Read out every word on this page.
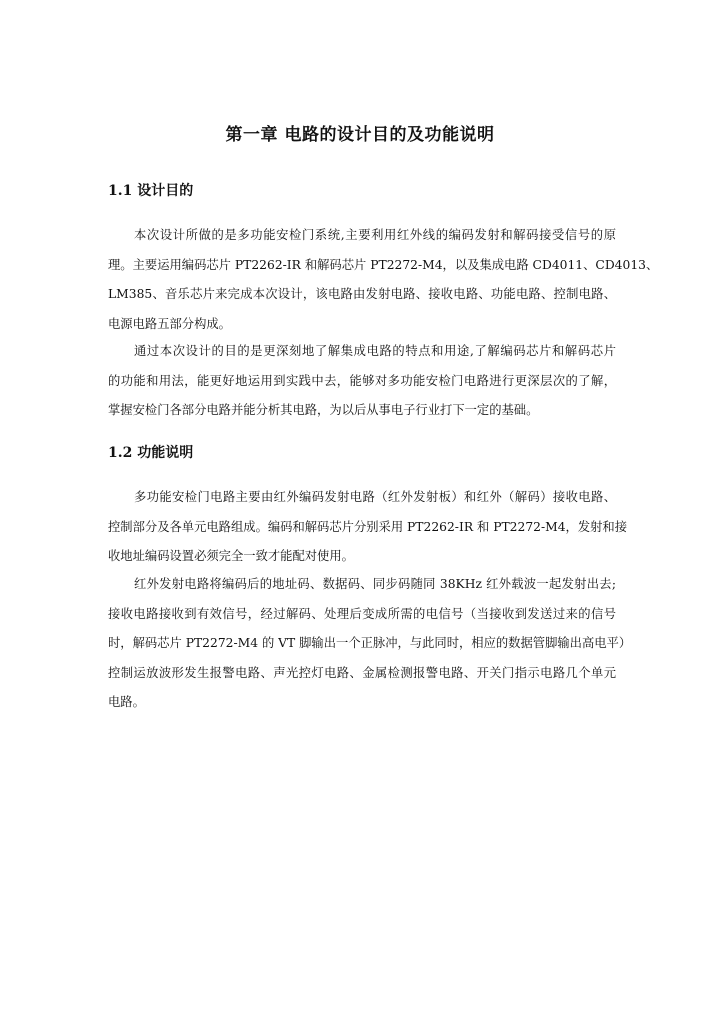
第一章 电路的设计目的及功能说明
1.1 设计目的
本次设计所做的是多功能安检门系统,主要利用红外线的编码发射和解码接受信号的原
理。主要运用编码芯片 PT2262-IR 和解码芯片 PT2272-M4，以及集成电路 CD4011、CD4013、
LM385、音乐芯片来完成本次设计，该电路由发射电路、接收电路、功能电路、控制电路、
电源电路五部分构成。
通过本次设计的目的是更深刻地了解集成电路的特点和用途,了解编码芯片和解码芯片
的功能和用法，能更好地运用到实践中去，能够对多功能安检门电路进行更深层次的了解，
掌握安检门各部分电路并能分析其电路，为以后从事电子行业打下一定的基础。
1.2 功能说明
多功能安检门电路主要由红外编码发射电路（红外发射板）和红外（解码）接收电路、
控制部分及各单元电路组成。编码和解码芯片分别采用 PT2262-IR 和 PT2272-M4，发射和接
收地址编码设置必须完全一致才能配对使用。
红外发射电路将编码后的地址码、数据码、同步码随同 38KHz 红外载波一起发射出去;
接收电路接收到有效信号，经过解码、处理后变成所需的电信号（当接收到发送过来的信号
时，解码芯片 PT2272-M4 的 VT 脚输出一个正脉冲，与此同时，相应的数据管脚输出高电平）
控制运放波形发生报警电路、声光控灯电路、金属检测报警电路、开关门指示电路几个单元
电路。
